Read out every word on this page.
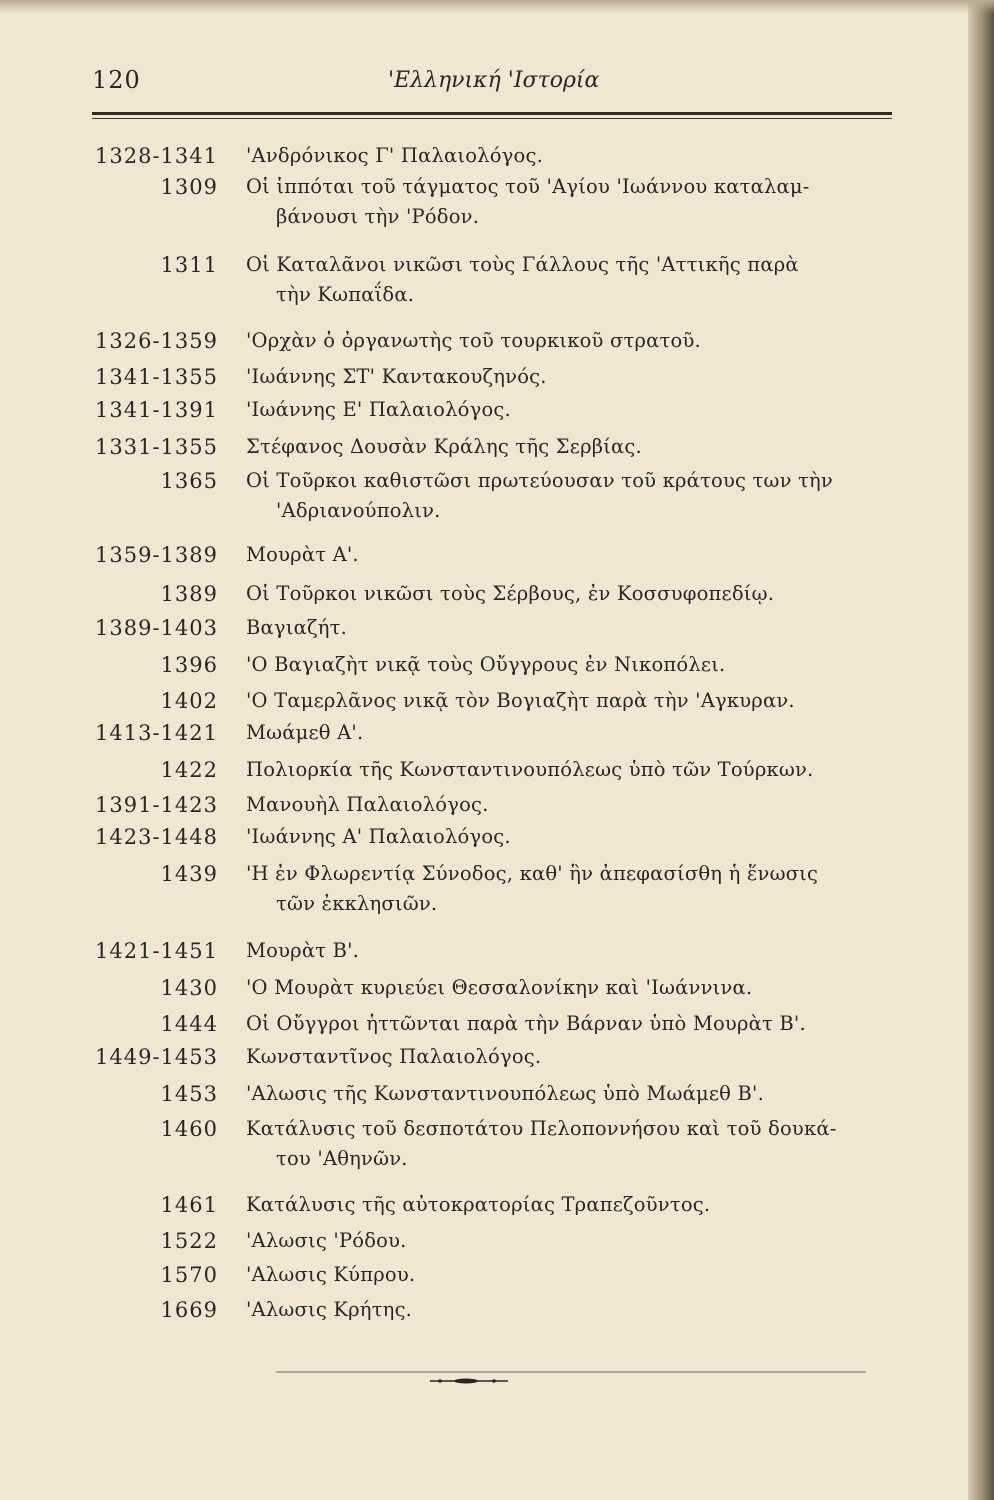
120	'Ελληνική 'Ιστορία
1328-1341 'Ανδρόνικος Γ' Παλαιολόγος.
1309 Οἱ ἱππόται τοῦ τάγματος τοῦ 'Αγίου 'Ιωάννου καταλαμ-
βάνουσι τὴν 'Ρόδον.
1311 Οἱ Καταλᾶνοι νικῶσι τοὺς Γάλλους τῆς 'Αττικῆς παρὰ
τὴν Κωπαΐδα.
1326-1359 'Ορχὰν ὁ ὀργανωτὴς τοῦ τουρκικοῦ στρατοῦ.
1341-1355 'Ιωάννης ΣΤ' Καντακουζηνός.
1341-1391 'Ιωάννης Ε' Παλαιολόγος.
1331-1355 Στέφανος Δουσὰν Κράλης τῆς Σερβίας.
1365 Οἱ Τοῦρκοι καθιστῶσι πρωτεύουσαν τοῦ κράτους των τὴν
'Αδριανούπολιν.
1359-1389 Μουρὰτ Α'.
1389 Οἱ Τοῦρκοι νικῶσι τοὺς Σέρβους, ἐν Κοσσυφοπεδίῳ.
1389-1403 Βαγιαζήτ.
1396 'Ο Βαγιαζὴτ νικᾷ τοὺς Οὔγγρους ἐν Νικοπόλει.
1402 'Ο Ταμερλᾶνος νικᾷ τὸν Βογιαζὴτ παρὰ τὴν 'Αγκυραν.
1413-1421 Μωάμεθ Α'.
1422 Πολιορκία τῆς Κωνσταντινουπόλεως ὑπὸ τῶν Τούρκων.
1391-1423 Μανουὴλ Παλαιολόγος.
1423-1448 'Ιωάννης Α' Παλαιολόγος.
1439 'Η ἐν Φλωρεντίᾳ Σύνοδος, καθ' ἣν ἀπεφασίσθη ἡ ἕνωσις
τῶν ἐκκλησιῶν.
1421-1451 Μουρὰτ Β'.
1430 'Ο Μουρὰτ κυριεύει Θεσσαλονίκην καὶ 'Ιωάννινα.
1444 Οἱ Οὔγγροι ἡττῶνται παρὰ τὴν Βάρναν ὑπὸ Μουρὰτ Β'.
1449-1453 Κωνσταντῖνος Παλαιολόγος.
1453 'Αλωσις τῆς Κωνσταντινουπόλεως ὑπὸ Μωάμεθ Β'.
1460 Κατάλυσις τοῦ δεσποτάτου Πελοποννήσου καὶ τοῦ δουκά-
του 'Αθηνῶν.
1461 Κατάλυσις τῆς αὐτοκρατορίας Τραπεζοῦντος.
1522 'Αλωσις 'Ρόδου.
1570 'Αλωσις Κύπρου.
1669 'Αλωσις Κρήτης.
